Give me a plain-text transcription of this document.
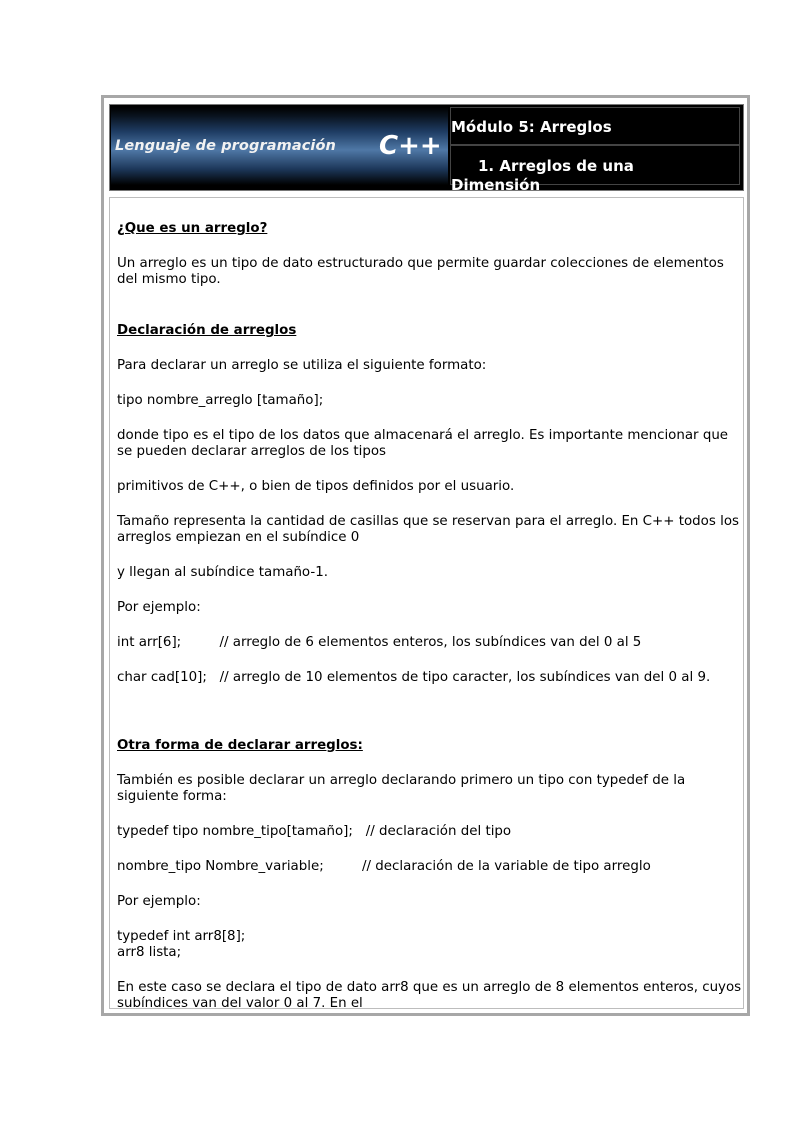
Lenguaje de programación C++
Módulo 5: Arreglos
1. Arreglos de una
Dimensión

¿Que es un arreglo?

Un arreglo es un tipo de dato estructurado que permite guardar colecciones de elementos del mismo tipo.

Declaración de arreglos

Para declarar un arreglo se utiliza el siguiente formato:

tipo nombre_arreglo [tamaño];

donde tipo es el tipo de los datos que almacenará el arreglo. Es importante mencionar que se pueden declarar arreglos de los tipos

primitivos de C++, o bien de tipos definidos por el usuario.

Tamaño representa la cantidad de casillas que se reservan para el arreglo. En C++ todos los arreglos empiezan en el subíndice 0

y llegan al subíndice tamaño-1.

Por ejemplo:

int arr[6];         // arreglo de 6 elementos enteros, los subíndices van del 0 al 5

char cad[10];   // arreglo de 10 elementos de tipo caracter, los subíndices van del 0 al 9.

Otra forma de declarar arreglos:

También es posible declarar un arreglo declarando primero un tipo con typedef de la siguiente forma:

typedef tipo nombre_tipo[tamaño];   // declaración del tipo

nombre_tipo Nombre_variable;         // declaración de la variable de tipo arreglo

Por ejemplo:

typedef int arr8[8];
arr8 lista;

En este caso se declara el tipo de dato arr8 que es un arreglo de 8 elementos enteros, cuyos subíndices van del valor 0 al 7. En el
